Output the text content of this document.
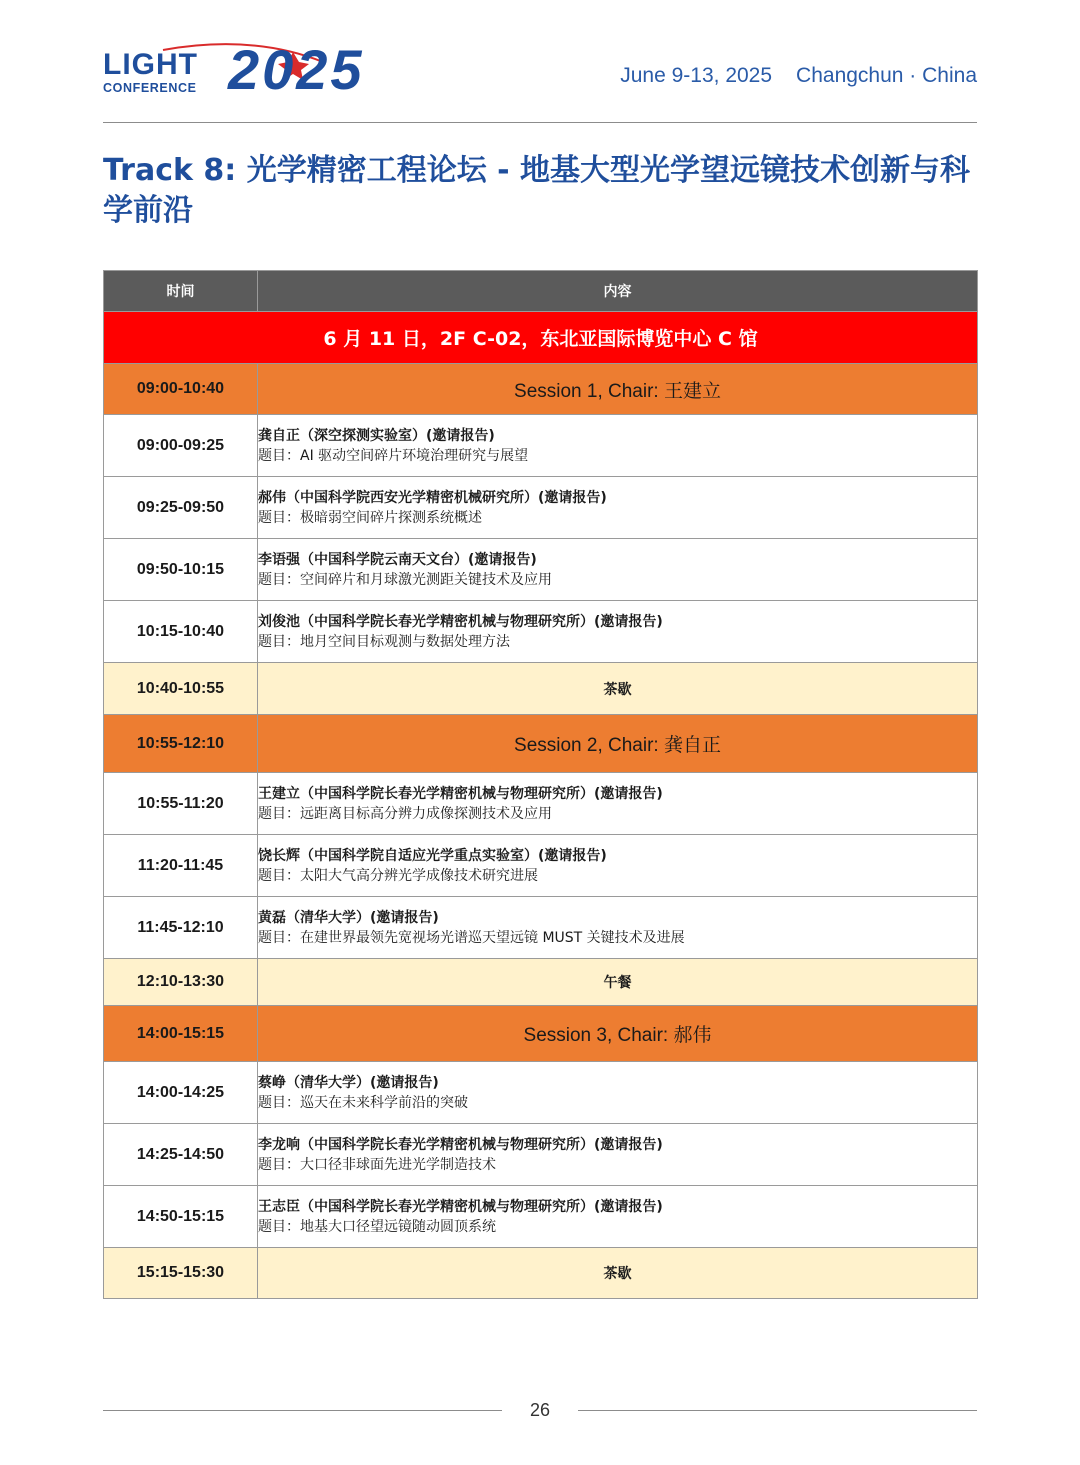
LIGHT
CONFERENCE 2025	June 9-13, 2025 Changchun · China
Track 8: 光学精密工程论坛 - 地基大型光学望远镜技术创新与科学前沿
时间	内容
6 月 11 日，2F C-02，东北亚国际博览中心 C 馆	
09:00-10:40	Session 1, Chair: 王建立
09:00-09:25	龚自正（深空探测实验室）(邀请报告)
题目：AI 驱动空间碎片环境治理研究与展望

09:25-09:50	郝伟（中国科学院西安光学精密机械研究所）(邀请报告)
题目：极暗弱空间碎片探测系统概述

09:50-10:15	李语强（中国科学院云南天文台）(邀请报告)
题目：空间碎片和月球激光测距关键技术及应用

10:15-10:40	刘俊池（中国科学院长春光学精密机械与物理研究所）(邀请报告)
题目：地月空间目标观测与数据处理方法

10:40-10:55	茶歇
10:55-12:10	Session 2, Chair: 龚自正
10:55-11:20	王建立（中国科学院长春光学精密机械与物理研究所）(邀请报告)
题目：远距离目标高分辨力成像探测技术及应用

11:20-11:45	饶长辉（中国科学院自适应光学重点实验室）(邀请报告)
题目：太阳大气高分辨光学成像技术研究进展

11:45-12:10	黄磊（清华大学）(邀请报告)
题目：在建世界最领先宽视场光谱巡天望远镜 MUST 关键技术及进展

12:10-13:30	午餐
14:00-15:15	Session 3, Chair: 郝伟
14:00-14:25	蔡峥（清华大学）(邀请报告)
题目：巡天在未来科学前沿的突破

14:25-14:50	李龙响（中国科学院长春光学精密机械与物理研究所）(邀请报告)
题目：大口径非球面先进光学制造技术

14:50-15:15	王志臣（中国科学院长春光学精密机械与物理研究所）(邀请报告)
题目：地基大口径望远镜随动圆顶系统

15:15-15:30	茶歇
26
